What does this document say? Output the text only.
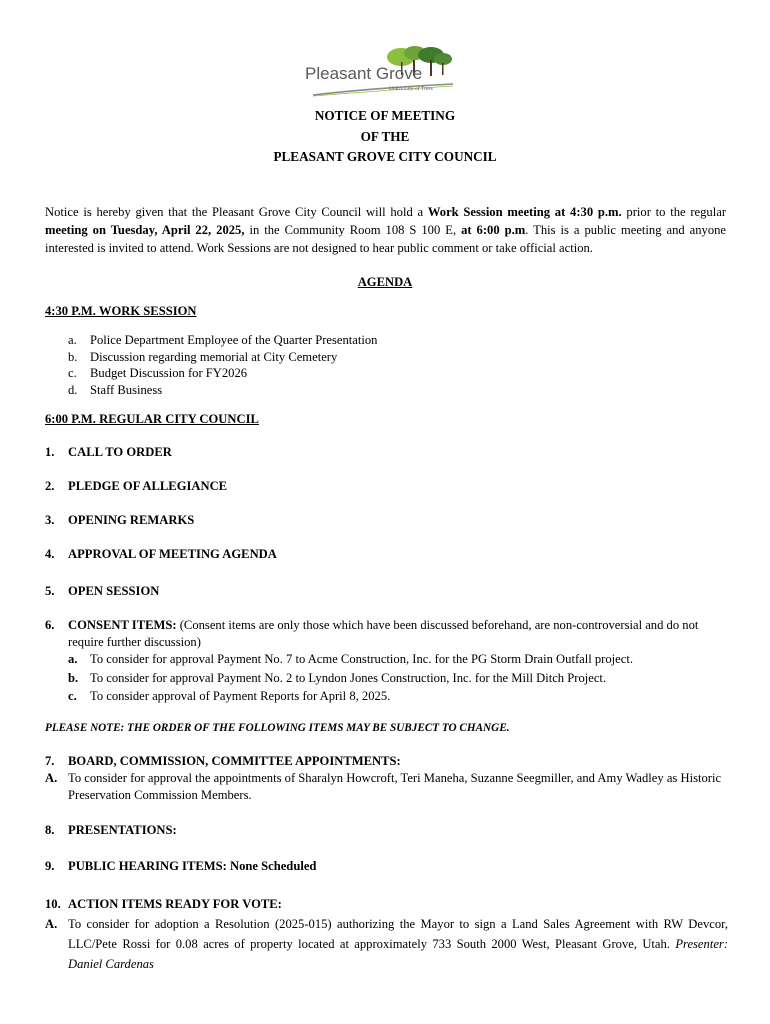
Pleasant Grove
Utah's City of Trees
NOTICE OF MEETING
OF THE
PLEASANT GROVE CITY COUNCIL
Notice is hereby given that the Pleasant Grove City Council will hold a Work Session meeting at 4:30 p.m. prior to the regular meeting on Tuesday, April 22, 2025, in the Community Room 108 S 100 E, at 6:00 p.m. This is a public meeting and anyone interested is invited to attend. Work Sessions are not designed to hear public comment or take official action.
AGENDA
4:30 P.M. WORK SESSION
a.	Police Department Employee of the Quarter Presentation
b. Discussion regarding memorial at City Cemetery
c.	Budget Discussion for FY2026
d. Staff Business
6:00 P.M. REGULAR CITY COUNCIL
1.	CALL TO ORDER
2.	PLEDGE OF ALLEGIANCE
3.	OPENING REMARKS
4.	APPROVAL OF MEETING AGENDA
5.	OPEN SESSION
6.	CONSENT ITEMS: (Consent items are only those which have been discussed beforehand, are non-controversial and do not require further discussion)
a. To consider for approval Payment No. 7 to Acme Construction, Inc. for the PG Storm Drain Outfall project.
b. To consider for approval Payment No. 2 to Lyndon Jones Construction, Inc. for the Mill Ditch Project.
c.	To consider approval of Payment Reports for April 8, 2025.
PLEASE NOTE: THE ORDER OF THE FOLLOWING ITEMS MAY BE SUBJECT TO CHANGE.
7.	BOARD, COMMISSION, COMMITTEE APPOINTMENTS:
A. To consider for approval the appointments of Sharalyn Howcroft, Teri Maneha, Suzanne Seegmiller, and Amy Wadley as Historic Preservation Commission Members.
8.	PRESENTATIONS:
9.	PUBLIC HEARING ITEMS: None Scheduled
10. ACTION ITEMS READY FOR VOTE:
A. To consider for adoption a Resolution (2025-015) authorizing the Mayor to sign a Land Sales Agreement with RW Devcor, LLC/Pete Rossi for 0.08 acres of property located at approximately 733 South 2000 West, Pleasant Grove, Utah. Presenter: Daniel Cardenas
